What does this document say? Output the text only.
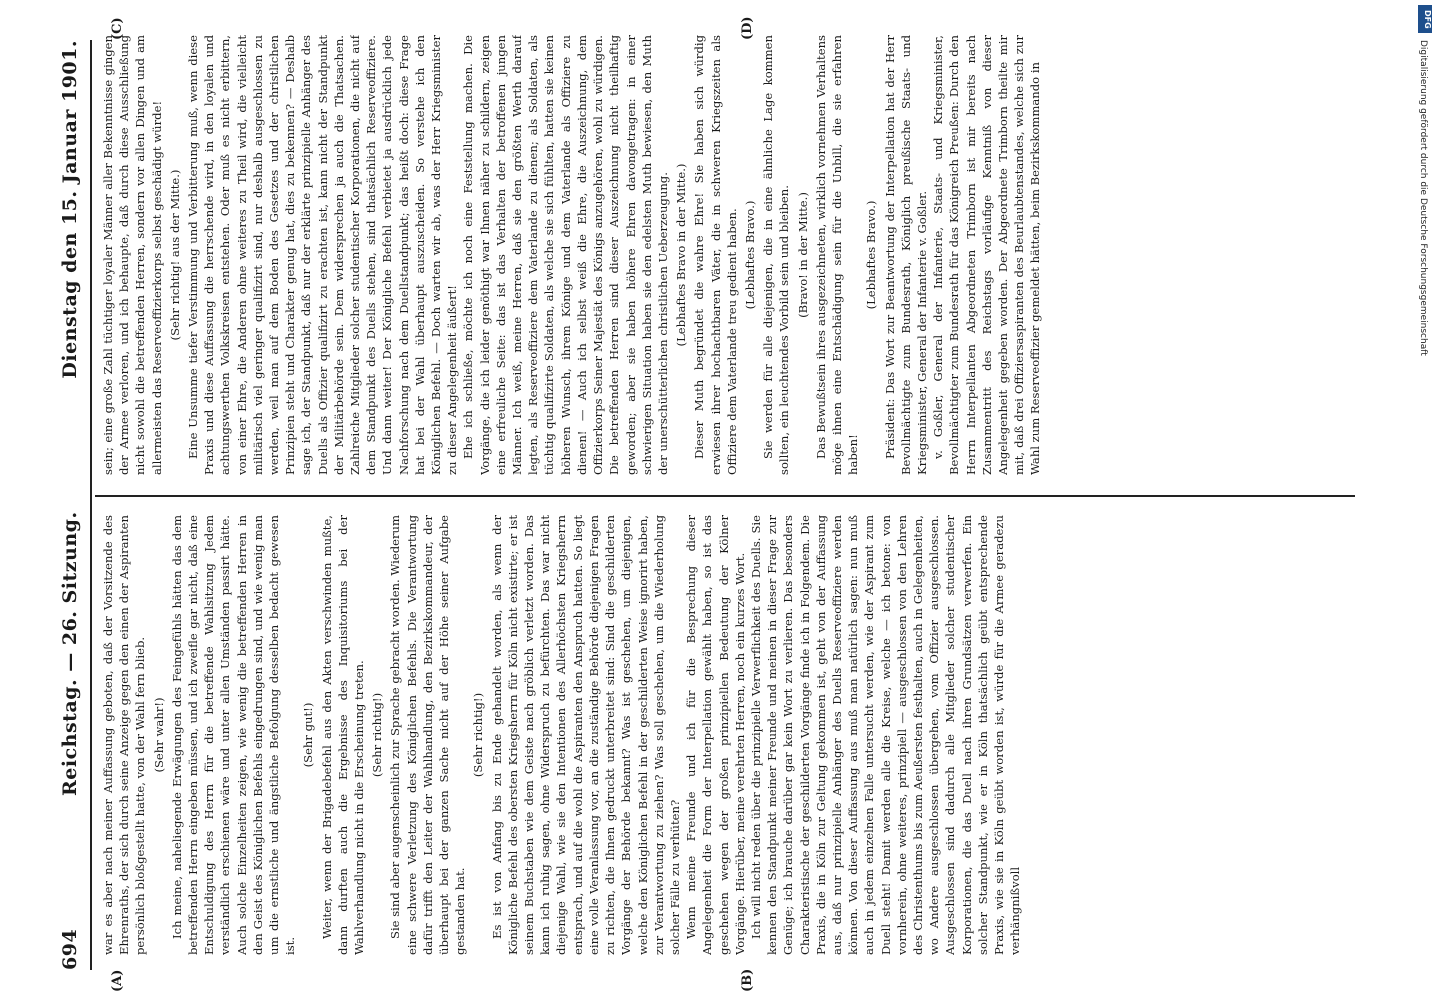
694
Reichstag. — 26. Sitzung.
Dienstag den 15. Januar 1901.
(A)	(B)
(C)	(D)

war es aber nach meiner Auffassung geboten, daß der Vorsitzende des Ehrenraths, der sich durch seine Anzeige gegen den einen der Aspiranten persönlich bloßgestellt hatte, von der Wahl fern blieb. (Sehr wahr!) Ich meine, naheliegende Erwägungen des Feingefühls hätten das dem betreffenden Herrn eingeben müssen, und ich zweifle gar nicht, daß eine Entschuldigung des Herrn für die betreffende Wahlsitzung Jedem verständlich erschienen wäre und unter allen Umständen passirt hätte. Auch solche Einzelheiten zeigen, wie wenig die betreffenden Herren in den Geist des Königlichen Befehls eingedrungen sind, und wie wenig man um die ernstliche und ängstliche Befolgung desselben bedacht gewesen ist.

(Sehr gut!) Weiter, wenn der Brigadebefehl aus den Akten verschwinden mußte, dann durften auch die Ergebnisse des Inquisitoriums bei der Wahlverhandlung nicht in die Erscheinung treten. (Sehr richtig!) Sie sind aber augenscheinlich zur Sprache gebracht worden. Wiederum eine schwere Verletzung des Königlichen Befehls. Die Verantwortung dafür trifft den Leiter der Wahlhandlung, den Bezirkskommandeur, der überhaupt bei der ganzen Sache nicht auf der Höhe seiner Aufgabe gestanden hat.

(Sehr richtig!) Es ist von Anfang bis zu Ende gehandelt worden, als wenn der Königliche Befehl des obersten Kriegsherrn für Köln nicht existirte; er ist seinem Buchstaben wie dem Geiste nach gröblich verletzt worden. Das kann ich ruhig sagen, ohne Widerspruch zu befürchten. Das war nicht diejenige Wahl, wie sie den Intentionen des Allerhöchsten Kriegsherrn entsprach, und auf die wohl die Aspiranten den Anspruch hatten. So liegt eine volle Veranlassung vor, an die zuständige Behörde diejenigen Fragen zu richten, die Ihnen gedruckt unterbreitet sind: Sind die geschilderten Vorgänge der Behörde bekannt? Was ist geschehen, um diejenigen, welche den Königlichen Befehl in der geschilderten Weise ignorirt haben, zur Verantwortung zu ziehen? Was soll geschehen, um die Wiederholung solcher Fälle zu verhüten? Wenn meine Freunde und ich für die Besprechung dieser Angelegenheit die Form der Interpellation gewählt haben, so ist das geschehen wegen der großen prinzipiellen Bedeutung der Kölner Vorgänge. Hierüber, meine verehrten Herren, noch ein kurzes Wort. Ich will nicht reden über die prinzipielle Verwerflichkeit des Duells. Sie kennen den Standpunkt meiner Freunde und meinen in dieser Frage zur Genüge; ich brauche darüber gar kein Wort zu verlieren. Das besonders Charakteristische der geschilderten Vorgänge finde ich in Folgendem. Die Praxis, die in Köln zur Geltung gekommen ist, geht von der Auffassung aus, daß nur prinzipielle Anhänger des Duells Reserveoffiziere werden können. Von dieser Auffassung aus muß man natürlich sagen: nun muß auch in jedem einzelnen Falle untersucht werden, wie der Aspirant zum Duell steht! Damit werden alle die Kreise, welche — ich betone: von vornherein, ohne weiteres, prinzipiell — ausgeschlossen von den Lehren des Christenthums bis zum Aeußersten festhalten, auch in Gelegenheiten, wo Andere ausgeschlossen übergehen, vom Offizier ausgeschlossen. Ausgeschlossen sind dadurch alle Mitglieder solcher studentischer Korporationen, die das Duell nach ihren Grundsätzen verwerfen. Ein solcher Standpunkt, wie er in Köln thatsächlich geübt entsprechende Praxis, wie sie in Köln geübt worden ist, würde für die Armee geradezu verhängnißvoll

sein; eine große Zahl tüchtiger loyaler Männer aller Bekenntnisse gingen der Armee verloren, und ich behaupte, daß durch diese Ausschließung nicht sowohl die betreffenden Herren, sondern vor allen Dingen und am allermeisten das Reserveoffizierkorps selbst geschädigt würde! (Sehr richtig! aus der Mitte.) Eine Unsumme tiefer Verstimmung und Verbitterung muß, wenn diese Praxis und diese Auffassung die herrschende wird, in den loyalen und achtungswerthen Volkskreisen entstehen. Oder muß es nicht erbittern, von einer Ehre, die Anderen ohne weiteres zu Theil wird, die vielleicht militärisch viel geringer qualifizirt sind, nur deshalb ausgeschlossen zu werden, weil man auf dem Boden des Gesetzes und der christlichen Prinzipien steht und Charakter genug hat, dies zu bekennen? — Deshalb sage ich, der Standpunkt, daß nur der erklärte prinzipielle Anhänger des Duells als Offizier qualifizirt zu erachten ist, kann nicht der Standpunkt der Militärbehörde sein. Dem widersprechen ja auch die Thatsachen. Zahlreiche Mitglieder solcher studentischer Korporationen, die nicht auf dem Standpunkt des Duells stehen, sind thatsächlich Reserveoffiziere. Und dann weiter! Der Königliche Befehl verbietet ja ausdrücklich jede Nachforschung nach dem Duellstandpunkt; das heißt doch: diese Frage hat bei der Wahl überhaupt auszuscheiden. So verstehe ich den Königlichen Befehl. — Doch warten wir ab, was der Herr Kriegsminister zu dieser Angelegenheit äußert! Ehe ich schließe, möchte ich noch eine Feststellung machen. Die Vorgänge, die ich leider genöthigt war Ihnen näher zu schildern, zeigen eine erfreuliche Seite: das ist das Verhalten der betroffenen jungen Männer. Ich weiß, meine Herren, daß sie den größten Werth darauf legten, als Reserveoffiziere dem Vaterlande zu dienen; als Soldaten, als tüchtig qualifizirte Soldaten, als welche sie sich fühlten, hatten sie keinen höheren Wunsch, ihrem Könige und dem Vaterlande als Offiziere zu dienen! — Auch ich selbst weiß die Ehre, die Auszeichnung, dem Offizierkorps Seiner Majestät des Königs anzugehören, wohl zu würdigen. Die betreffenden Herren sind dieser Auszeichnung nicht theilhaftig geworden; aber sie haben höhere Ehren davongetragen: in einer schwierigen Situation haben sie den edelsten Muth bewiesen, den Muth der unerschütterlichen christlichen Ueberzeugung. (Lebhaftes Bravo in der Mitte.) Dieser Muth begründet die wahre Ehre! Sie haben sich würdig erwiesen ihrer hochachtbaren Väter, die in schweren Kriegszeiten als Offiziere dem Vaterlande treu gedient haben. (Lebhaftes Bravo.) Sie werden für alle diejenigen, die in eine ähnliche Lage kommen sollten, ein leuchtendes Vorbild sein und bleiben. (Bravo! in der Mitte.) Das Bewußtsein ihres ausgezeichneten, wirklich vornehmen Verhaltens möge ihnen eine Entschädigung sein für die Unbill, die sie erfahren haben!

(Lebhaftes Bravo.) Präsident: Das Wort zur Beantwortung der Interpellation hat der Herr Bevollmächtigte zum Bundesrath, Königlich preußische Staats- und Kriegsminister, General der Infanterie v. Goßler. v. Goßler, General der Infanterie, Staats- und Kriegsminister, Bevollmächtigter zum Bundesrath für das Königreich Preußen: Durch den Herrn Interpellanten Abgeordneten Trimborn ist mir bereits nach Zusammentritt des Reichstags vorläufige Kenntniß von dieser Angelegenheit gegeben worden. Der Abgeordnete Trimborn theilte mir mit, daß drei Offiziersaspiranten des Beurlaubtenstandes, welche sich zur Wahl zum Reserveoffizier gemeldet hätten, beim Bezirkskommando in

DFG
Digitalisierung gefördert durch die Deutsche Forschungsgemeinschaft
